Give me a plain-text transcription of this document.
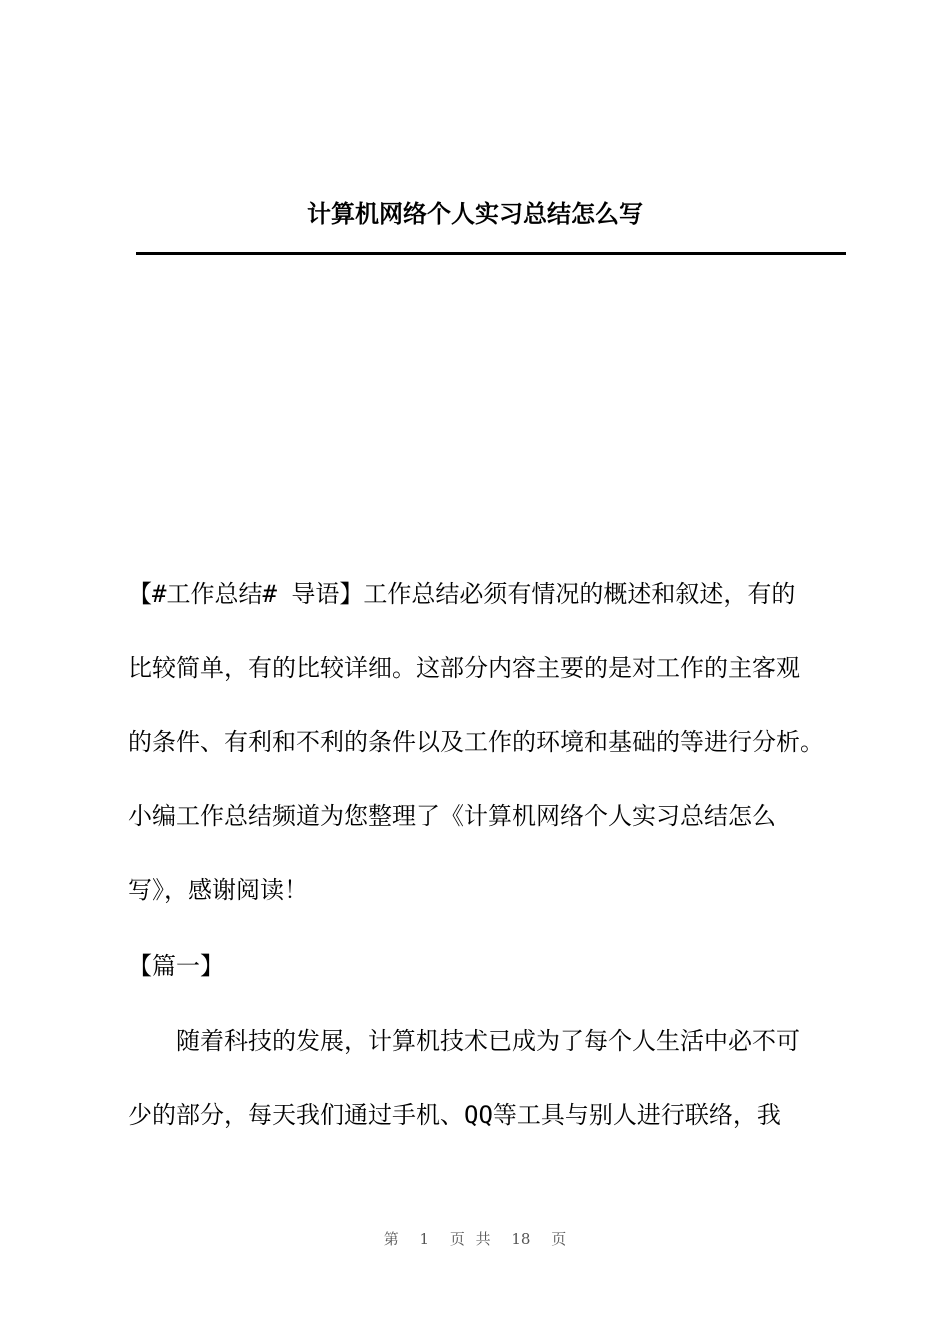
计算机网络个人实习总结怎么写

【#工作总结# 导语】工作总结必须有情况的概述和叙述，有的

比较简单，有的比较详细。这部分内容主要的是对工作的主客观

的条件、有利和不利的条件以及工作的环境和基础的等进行分析。

小编工作总结频道为您整理了《计算机网络个人实习总结怎么

写》，感谢阅读！

【篇一】

　　随着科技的发展，计算机技术已成为了每个人生活中必不可

少的部分，每天我们通过手机、QQ等工具与别人进行联络，我

第 1 页 共 18 页
